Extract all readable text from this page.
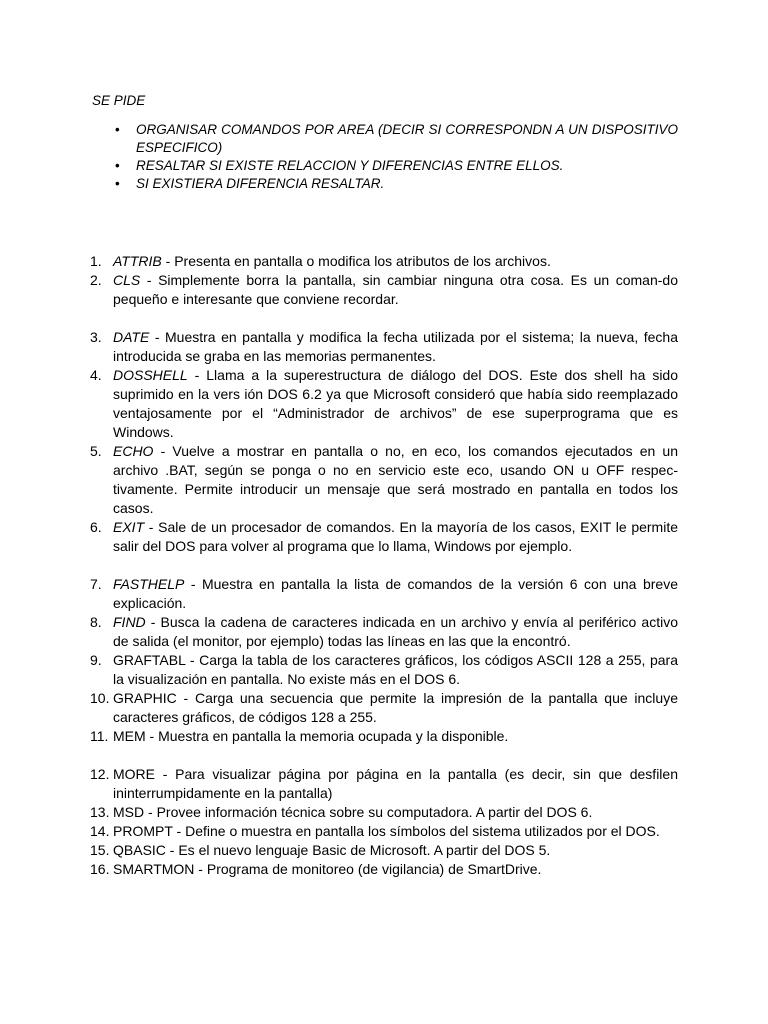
SE PIDE
• ORGANISAR COMANDOS POR AREA (DECIR SI CORRESPONDN A UN DISPOSITIVO ESPECIFICO)
• RESALTAR SI EXISTE RELACCION Y DIFERENCIAS ENTRE ELLOS.
• SI EXISTIERA DIFERENCIA RESALTAR.
1. ATTRIB - Presenta en pantalla o modifica los atributos de los archivos.
2. CLS - Simplemente borra la pantalla, sin cambiar ninguna otra cosa. Es un coman-do pequeño e interesante que conviene recordar.
3. DATE - Muestra en pantalla y modifica la fecha utilizada por el sistema; la nueva, fecha introducida se graba en las memorias permanentes.
4. DOSSHELL - Llama a la superestructura de diálogo del DOS. Este dos shell ha sido suprimido en la vers ión DOS 6.2 ya que Microsoft consideró que había sido reemplazado ventajosamente por el “Administrador de archivos” de ese superprograma que es Windows.
5. ECHO - Vuelve a mostrar en pantalla o no, en eco, los comandos ejecutados en un archivo .BAT, según se ponga o no en servicio este eco, usando ON u OFF respec-tivamente. Permite introducir un mensaje que será mostrado en pantalla en todos los casos.
6. EXIT - Sale de un procesador de comandos. En la mayoría de los casos, EXIT le permite salir del DOS para volver al programa que lo llama, Windows por ejemplo.
7. FASTHELP - Muestra en pantalla la lista de comandos de la versión 6 con una breve explicación.
8. FIND - Busca la cadena de caracteres indicada en un archivo y envía al periférico activo de salida (el monitor, por ejemplo) todas las líneas en las que la encontró.
9. GRAFTABL - Carga la tabla de los caracteres gráficos, los códigos ASCII 128 a 255, para la visualización en pantalla. No existe más en el DOS 6.
10. GRAPHIC - Carga una secuencia que permite la impresión de la pantalla que incluye caracteres gráficos, de códigos 128 a 255.
11. MEM - Muestra en pantalla la memoria ocupada y la disponible.
12. MORE - Para visualizar página por página en la pantalla (es decir, sin que desfilen ininterrumpidamente en la pantalla)
13. MSD - Provee información técnica sobre su computadora. A partir del DOS 6.
14. PROMPT - Define o muestra en pantalla los símbolos del sistema utilizados por el DOS.
15. QBASIC - Es el nuevo lenguaje Basic de Microsoft. A partir del DOS 5.
16. SMARTMON - Programa de monitoreo (de vigilancia) de SmartDrive.
